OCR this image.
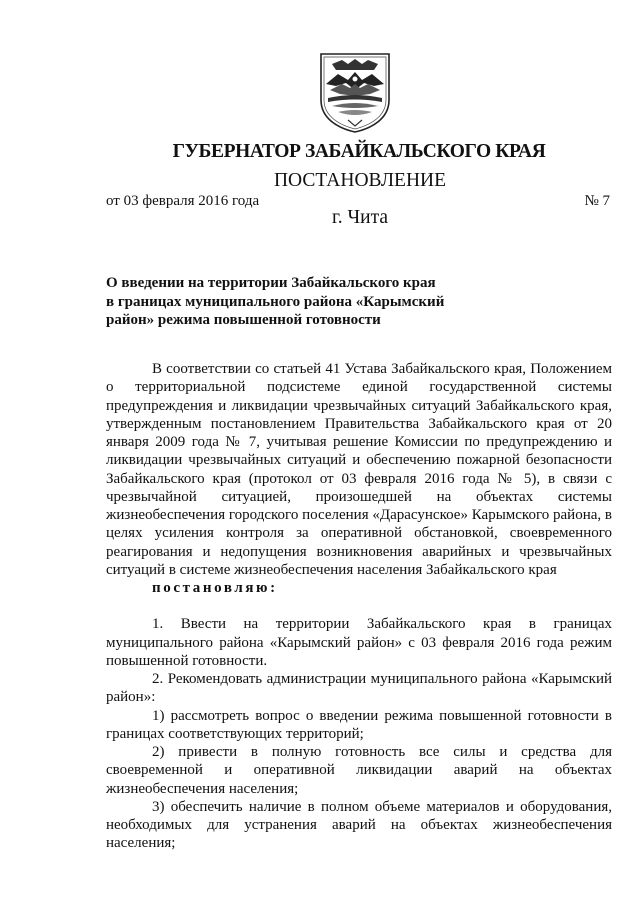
ГУБЕРНАТОР ЗАБАЙКАЛЬСКОГО КРАЯ
ПОСТАНОВЛЕНИЕ
от 03 февраля 2016 года	№ 7
г. Чита
О введении на территории Забайкальского края
в границах муниципального района «Карымский
район» режима повышенной готовности

В соответствии со статьей 41 Устава Забайкальского края, Положением о территориальной подсистеме единой государственной системы предупреждения и ликвидации чрезвычайных ситуаций Забайкальского края, утвержденным постановлением Правительства Забайкальского края от 20 января 2009 года № 7, учитывая решение Комиссии по предупреждению и ликвидации чрезвычайных ситуаций и обеспечению пожарной безопасности Забайкальского края (протокол от 03 февраля 2016 года № 5), в связи с чрезвычайной ситуацией, произошедшей на объектах системы жизнеобеспечения городского поселения «Дарасунское» Карымского района, в целях усиления контроля за оперативной обстановкой, своевременного реагирования и недопущения возникновения аварийных и чрезвычайных ситуаций в системе жизнеобеспечения населения Забайкальского края

постановляю:

1. Ввести на территории Забайкальского края в границах муниципального района «Карымский район» с 03 февраля 2016 года режим повышенной готовности.

2. Рекомендовать администрации муниципального района «Карымский район»:

1) рассмотреть вопрос о введении режима повышенной готовности в границах соответствующих территорий;

2) привести в полную готовность все силы и средства для своевременной и оперативной ликвидации аварий на объектах жизнеобеспечения населения;

3) обеспечить наличие в полном объеме материалов и оборудования, необходимых для устранения аварий на объектах жизнеобеспечения населения;
